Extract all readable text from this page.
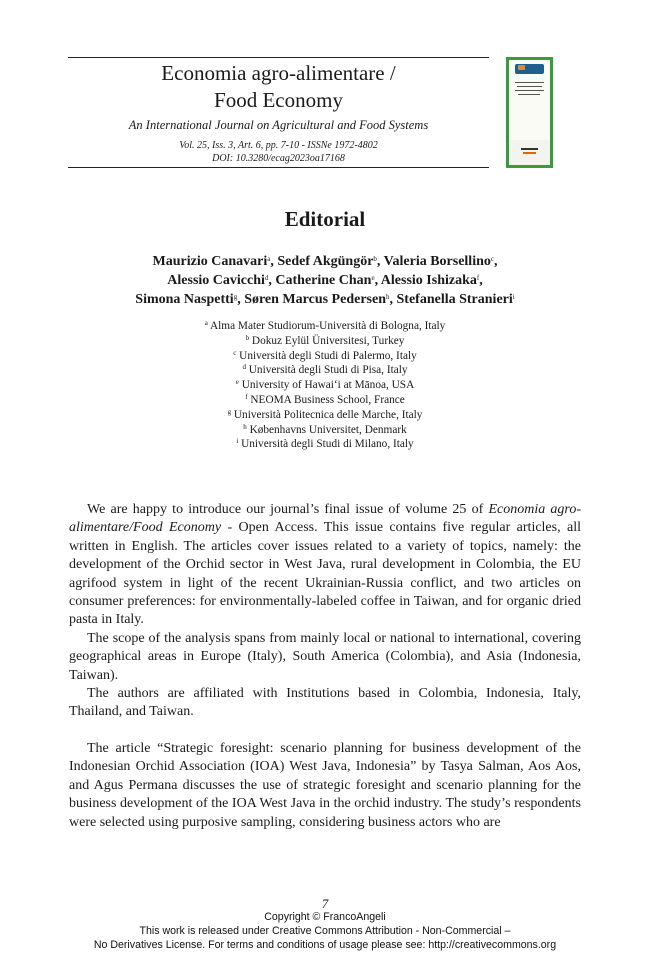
Economia agro-alimentare /
Food Economy
An International Journal on Agricultural and Food Systems
Vol. 25, Iss. 3, Art. 6, pp. 7-10 - ISSNe 1972-4802
DOI: 10.3280/ecag2023oa17168
Editorial
Maurizio Canavari$^a$, Sedef Akgüngör$^b$, Valeria Borsellino$^c$,
Alessio Cavicchi$^d$, Catherine Chan$^e$, Alessio Ishizaka$^f$,
Simona Naspetti$^g$, Søren Marcus Pedersen$^h$, Stefanella Stranieri$^i$
$^a$ Alma Mater Studiorum-Università di Bologna, Italy
$^b$ Dokuz Eylül Üniversitesi, Turkey
$^c$ Università degli Studi di Palermo, Italy
$^d$ Università degli Studi di Pisa, Italy
$^e$ University of Hawai‘i at Mānoa, USA
$^f$ NEOMA Business School, France
$^g$ Università Politecnica delle Marche, Italy
$^h$ Københavns Universitet, Denmark
$^i$ Università degli Studi di Milano, Italy

We are happy to introduce our journal’s final issue of volume 25 of Economia agro-alimentare/Food Economy - Open Access. This issue contains five regular articles, all written in English. The articles cover issues related to a variety of topics, namely: the development of the Orchid sector in West Java, rural development in Colombia, the EU agrifood system in light of the recent Ukrainian-Russia conflict, and two articles on consumer preferences: for environmentally-labeled coffee in Taiwan, and for organic dried pasta in Italy.

The scope of the analysis spans from mainly local or national to international, covering geographical areas in Europe (Italy), South America (Colombia), and Asia (Indonesia, Taiwan).

The authors are affiliated with Institutions based in Colombia, Indonesia, Italy, Thailand, and Taiwan.

The article “Strategic foresight: scenario planning for business development of the Indonesian Orchid Association (IOA) West Java, Indonesia” by Tasya Salman, Aos Aos, and Agus Permana discusses the use of strategic foresight and scenario planning for the business development of the IOA West Java in the orchid industry. The study’s respondents were selected using purposive sampling, considering business actors who are

7
Copyright © FrancoAngeli
This work is released under Creative Commons Attribution - Non-Commercial –
No Derivatives License. For terms and conditions of usage please see: http://creativecommons.org
